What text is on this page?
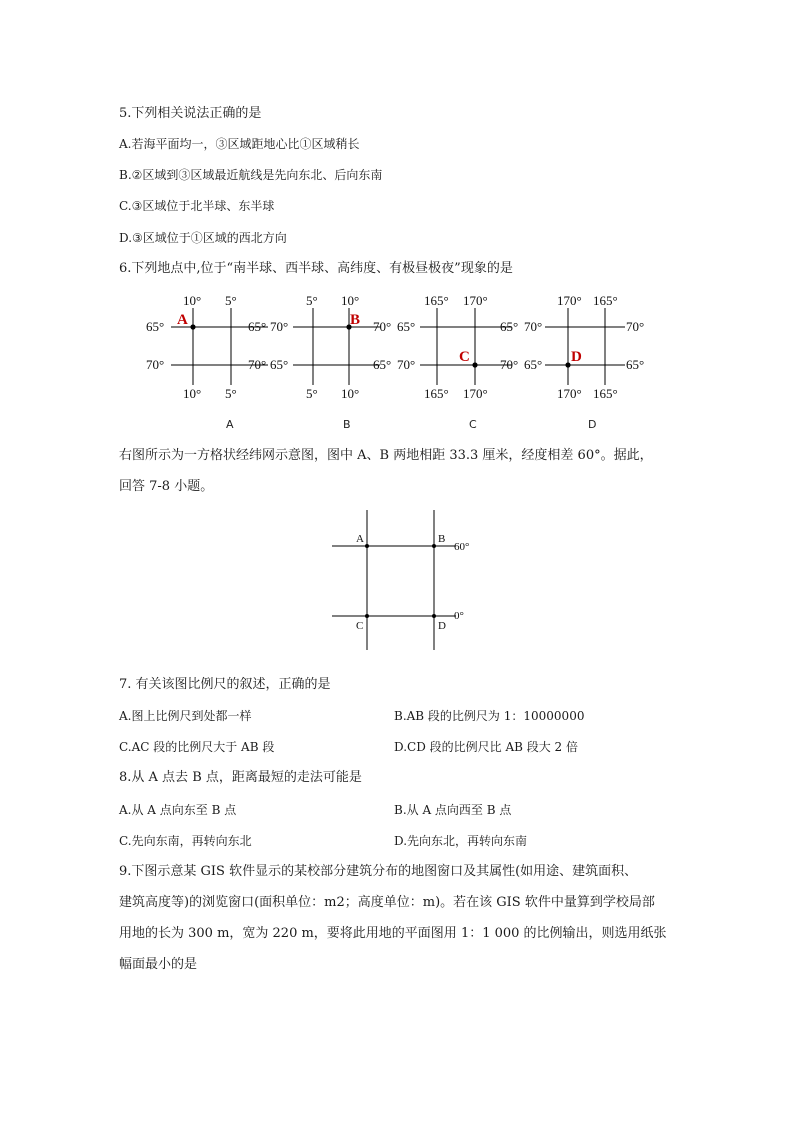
5.下列相关说法正确的是
A.若海平面均一，③区域距地心比①区域稍长
B.②区域到③区域最近航线是先向东北、后向东南
C.③区域位于北半球、东半球
D.③区域位于①区域的西北方向
6.下列地点中,位于“南半球、西半球、高纬度、有极昼极夜”现象的是
10° 5°
10° 5°
65°
70°
65°
70°
A
A
5° 10°
5° 10°
70°
65°
70°
65°
B
B
165° 170°
165° 170°
65°
70°
65°
70°
C
C
170° 165°
170° 165°
70°
65°
70°
65°
D
D
右图所示为一方格状经纬网示意图，图中 A、B 两地相距 33.3 厘米，经度相差 60°。据此，
回答 7-8 小题。
A	B
C	D
60°
0°
7. 有关该图比例尺的叙述，正确的是
A.图上比例尺到处都一样	B.AB 段的比例尺为 1：10000000
C.AC 段的比例尺大于 AB 段	D.CD 段的比例尺比 AB 段大 2 倍
8.从 A 点去 B 点，距离最短的走法可能是
A.从 A 点向东至 B 点	B.从 A 点向西至 B 点
C.先向东南，再转向东北	D.先向东北，再转向东南
9.下图示意某 GIS 软件显示的某校部分建筑分布的地图窗口及其属性(如用途、建筑面积、
建筑高度等)的浏览窗口(面积单位：m2；高度单位：m)。若在该 GIS 软件中量算到学校局部
用地的长为 300 m，宽为 220 m，要将此用地的平面图用 1：1 000 的比例输出，则选用纸张
幅面最小的是
